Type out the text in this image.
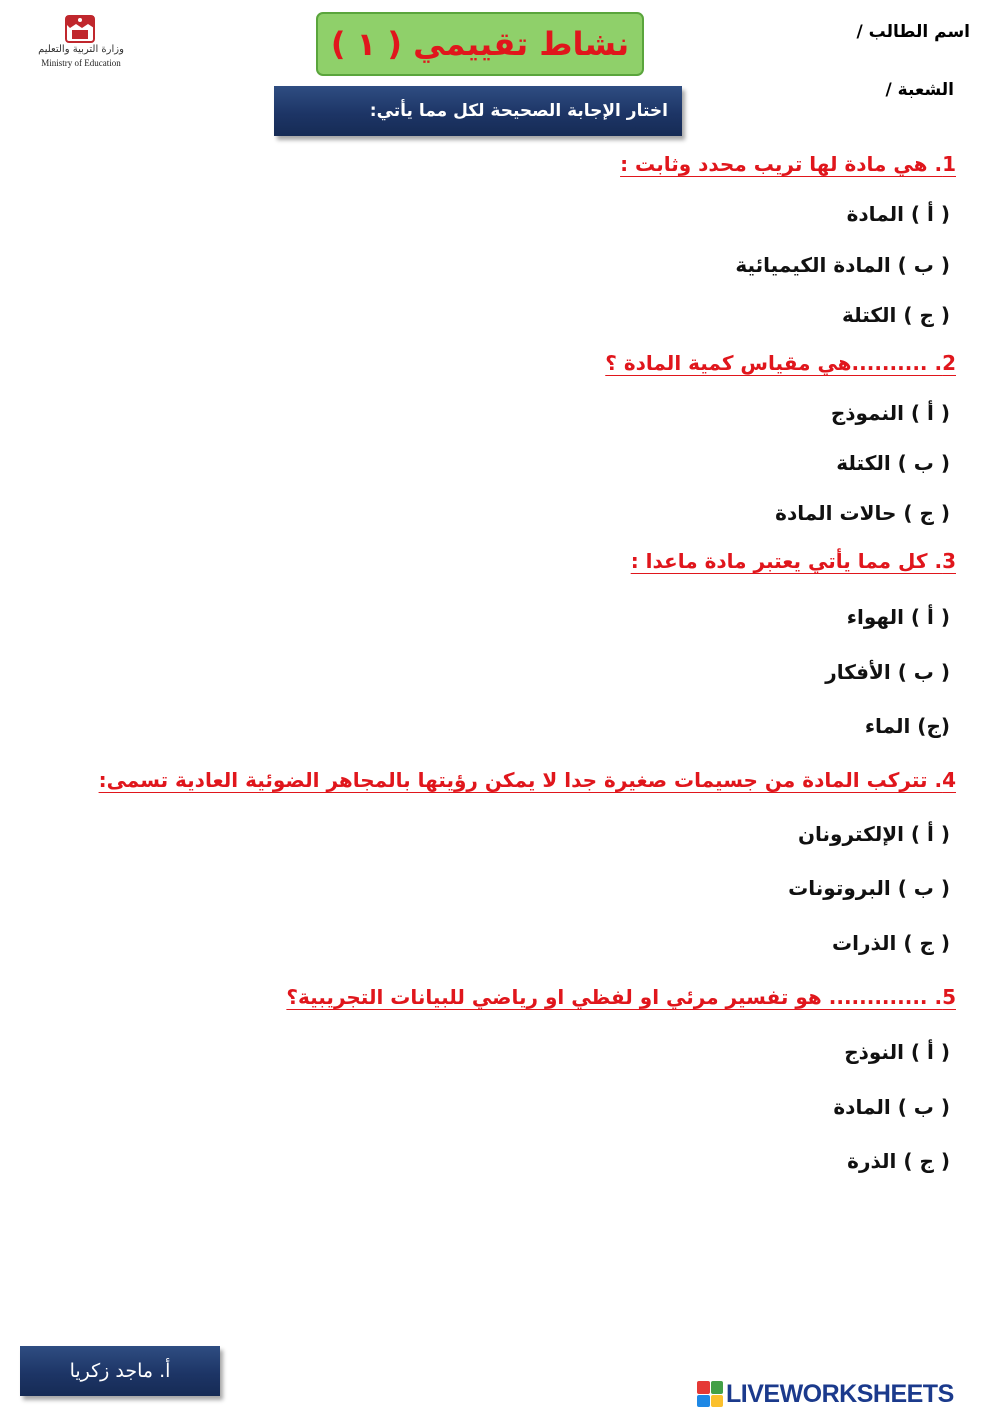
وزارة التربية والتعليم
Ministry of Education	نشاط تقييمي ( ١ )
اختار الإجابة الصحيحة لكل مما يأتي:
اسم الطالب /
الشعبة /
1. هي مادة لها تريب محدد وثابت :
( أ ) المادة
( ب ) المادة الكيميائية
( ج ) الكتلة
2. ..........هي مقياس كمية المادة ؟
( أ ) النموذج
( ب ) الكتلة
( ج ) حالات المادة
3. كل مما يأتي يعتبر مادة ماعدا :
( أ ) الهواء
( ب ) الأفكار
(ج) الماء
4. تتركب المادة من جسيمات صغيرة جدا لا يمكن رؤيتها بالمجاهر الضوئية العادية تسمى:
( أ ) الإلكترونان
( ب ) البروتونات
( ج ) الذرات
5. ............. هو تفسير مرئي او لفظي او رياضي للبيانات التجريبية؟
( أ ) النوذج
( ب ) المادة
( ج ) الذرة
أ. ماجد زكريا
LIVEWORKSHEETS
